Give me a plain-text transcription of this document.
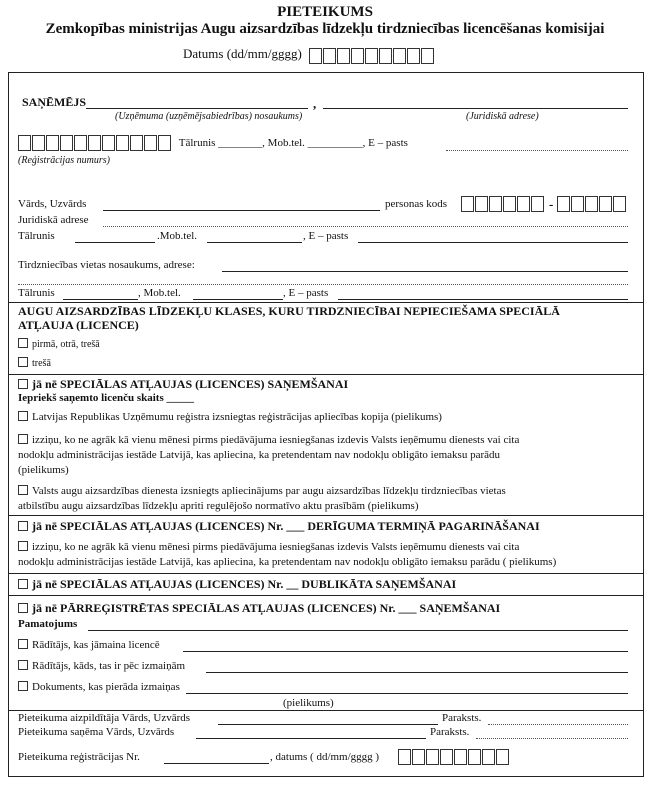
PIETEIKUMS
Zemkopības ministrijas Augu aizsardzības līdzekļu tirdzniecības licencēšanas komisijai
Datums (dd/mm/gggg)
SAŅĒMĒJS	,
(Uzņēmuma (uzņēmējsabiedrības) nosaukums)	(Juridiskā adrese)
Tālrunis ________, Mob.tel. __________, E – pasts
(Reģistrācijas numurs)
Vārds, Uzvārds	personas kods	-
Juridiskā adrese
Tālrunis	.Mob.tel.	, E – pasts
Tirdzniecības vietas nosaukums, adrese:
Tālrunis	, Mob.tel.	, E – pasts
AUGU AIZSARDZĪBAS LĪDZEKĻU KLASES, KURU TIRDZNIECĪBAI NEPIECIEŠAMA SPECIĀLĀ
ATĻAUJA (LICENCE)
pirmā, otrā, trešā
trešā
jā nē SPECIĀLAS ATĻAUJAS (LICENCES) SAŅEMŠANAI
Iepriekš saņemto licenču skaits _____
Latvijas Republikas Uzņēmumu reģistra izsniegtas reģistrācijas apliecības kopija (pielikums)
izziņu, ko ne agrāk kā vienu mēnesi pirms piedāvājuma iesniegšanas izdevis Valsts ieņēmumu dienests vai cita
nodokļu administrācijas iestāde Latvijā, kas apliecina, ka pretendentam nav nodokļu obligāto iemaksu parādu
(pielikums)
Valsts augu aizsardzības dienesta izsniegts apliecinājums par augu aizsardzības līdzekļu tirdzniecības vietas
atbilstību augu aizsardzības līdzekļu apriti regulējošo normatīvo aktu prasībām (pielikums)
jā nē SPECIĀLAS ATĻAUJAS (LICENCES) Nr. ___ DERĪGUMA TERMIŅĀ PAGARINĀŠANAI
izziņu, ko ne agrāk kā vienu mēnesi pirms piedāvājuma iesniegšanas izdevis Valsts ieņēmumu dienests vai cita
nodokļu administrācijas iestāde Latvijā, kas apliecina, ka pretendentam nav nodokļu obligāto iemaksu parādu ( pielikums)
jā nē SPECIĀLAS ATĻAUJAS (LICENCES) Nr. __ DUBLIKĀTA SAŅEMŠANAI
jā nē PĀRREĢISTRĒTAS SPECIĀLAS ATĻAUJAS (LICENCES) Nr. ___ SAŅEMŠANAI
Pamatojums
Rādītājs, kas jāmaina licencē
Rādītājs, kāds, tas ir pēc izmaiņām
Dokuments, kas pierāda izmaiņas
(pielikums)
Pieteikuma aizpildītāja Vārds, Uzvārds	Paraksts.
Pieteikuma saņēma Vārds, Uzvārds	Paraksts.
Pieteikuma reģistrācijas Nr.	, datums ( dd/mm/gggg )
